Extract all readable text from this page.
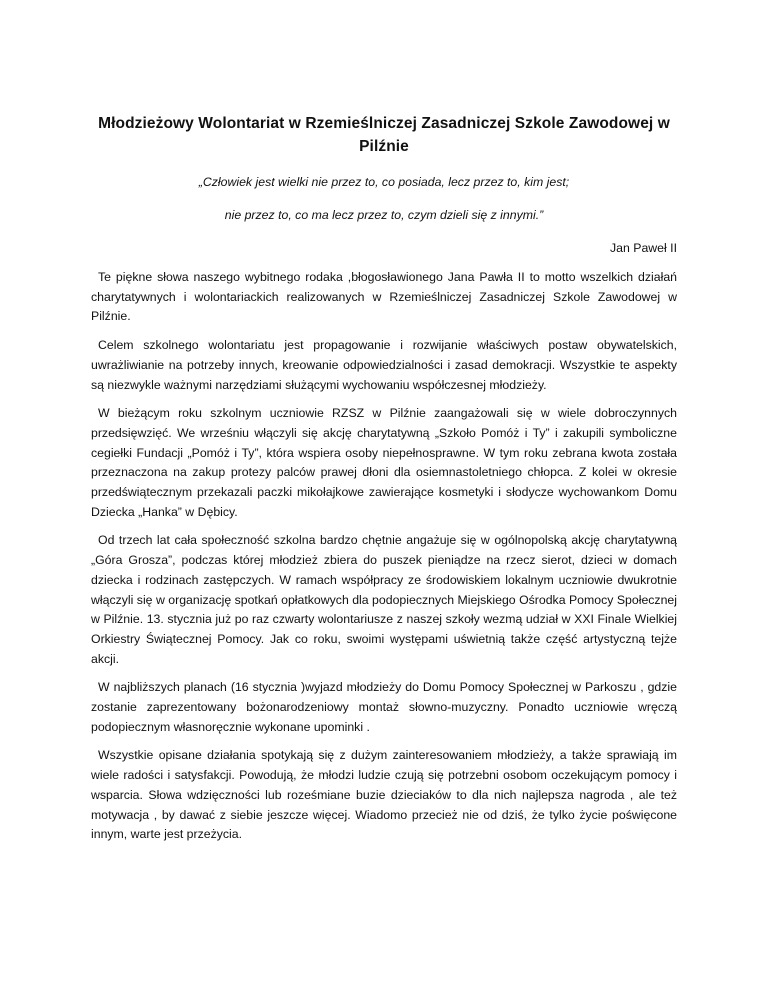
Młodzieżowy Wolontariat w Rzemieślniczej Zasadniczej Szkole Zawodowej w Pilźnie

„Człowiek jest wielki nie przez to, co posiada, lecz przez to, kim jest;

nie przez to, co ma lecz przez to, czym dzieli się z innymi.”

Jan Paweł II

Te piękne słowa naszego wybitnego rodaka ,błogosławionego Jana Pawła II to motto wszelkich działań charytatywnych i wolontariackich realizowanych w Rzemieślniczej Zasadniczej Szkole Zawodowej w Pilźnie.

Celem szkolnego wolontariatu jest propagowanie i rozwijanie właściwych postaw obywatelskich, uwrażliwianie na potrzeby innych, kreowanie odpowiedzialności i zasad demokracji. Wszystkie te aspekty są niezwykle ważnymi narzędziami służącymi wychowaniu współczesnej młodzieży.

W bieżącym roku szkolnym uczniowie RZSZ w Pilźnie zaangażowali się w wiele dobroczynnych przedsięwzięć. We wrześniu włączyli się akcję charytatywną „Szkoło Pomóż i Ty” i zakupili symboliczne cegiełki Fundacji „Pomóż i Ty”, która wspiera osoby niepełnosprawne. W tym roku zebrana kwota została przeznaczona na zakup protezy palców prawej dłoni dla osiemnastoletniego chłopca. Z kolei w okresie przedświątecznym przekazali paczki mikołajkowe zawierające kosmetyki i słodycze wychowankom Domu Dziecka „Hanka” w Dębicy.

Od trzech lat cała społeczność szkolna bardzo chętnie angażuje się w ogólnopolską akcję charytatywną „Góra Grosza”, podczas której młodzież zbiera do puszek pieniądze na rzecz sierot, dzieci w domach dziecka i rodzinach zastępczych. W ramach współpracy ze środowiskiem lokalnym uczniowie dwukrotnie włączyli się w organizację spotkań opłatkowych dla podopiecznych Miejskiego Ośrodka Pomocy Społecznej w Pilźnie. 13. stycznia już po raz czwarty wolontariusze z naszej szkoły wezmą udział w XXI Finale Wielkiej Orkiestry Świątecznej Pomocy. Jak co roku, swoimi występami uświetnią także część artystyczną tejże akcji.

W najbliższych planach (16 stycznia )wyjazd młodzieży do Domu Pomocy Społecznej w Parkoszu , gdzie zostanie zaprezentowany bożonarodzeniowy montaż słowno-muzyczny. Ponadto uczniowie wręczą podopiecznym własnoręcznie wykonane upominki .

Wszystkie opisane działania spotykają się z dużym zainteresowaniem młodzieży, a także sprawiają im wiele radości i satysfakcji. Powodują, że młodzi ludzie czują się potrzebni osobom oczekującym pomocy i wsparcia. Słowa wdzięczności lub roześmiane buzie dzieciaków to dla nich najlepsza nagroda , ale też motywacja , by dawać z siebie jeszcze więcej. Wiadomo przecież nie od dziś, że tylko życie poświęcone innym, warte jest przeżycia.
